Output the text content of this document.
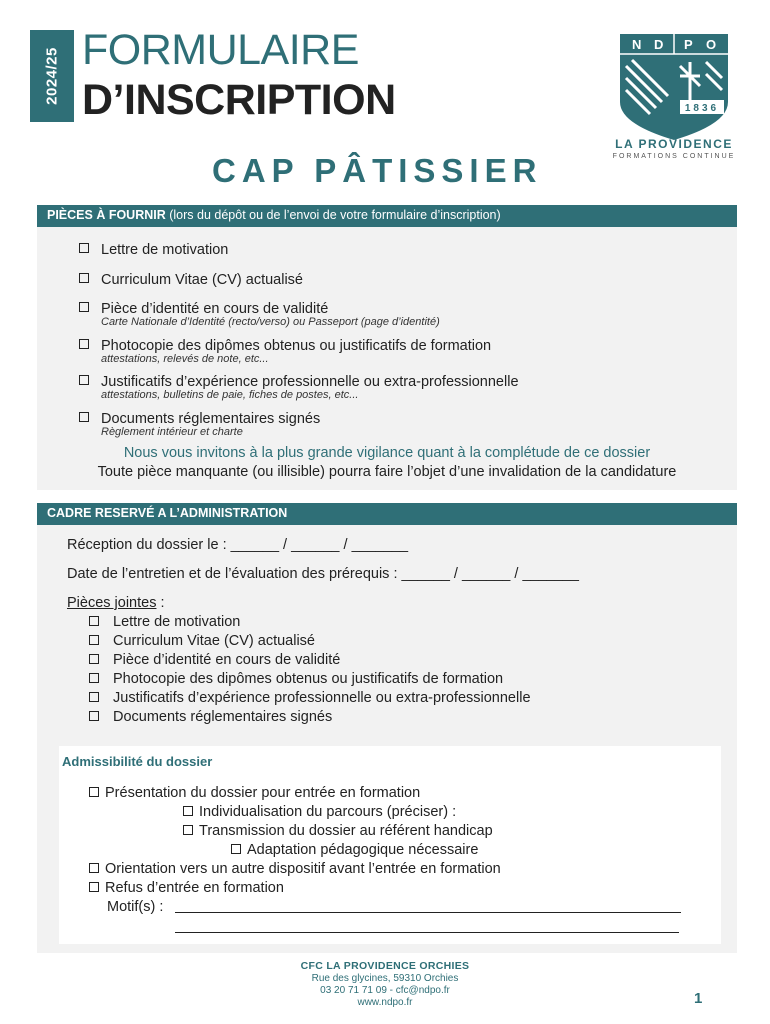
2024/25 FORMULAIRE
D’INSCRIPTION
CAP PÂTISSIER
1836
N D P O
LA PROVIDENCE
FORMATIONS CONTINUE
PIÈCES À FOURNIR (lors du dépôt ou de l’envoi de votre formulaire d’inscription)
Lettre de motivation
Curriculum Vitae (CV) actualisé
Pièce d’identité en cours de validité
Carte Nationale d’Identité (recto/verso) ou Passeport (page d’identité)
Photocopie des dipômes obtenus ou justificatifs de formation
attestations, relevés de note, etc...
Justificatifs d’expérience professionnelle ou extra-professionnelle
attestations, bulletins de paie, fiches de postes, etc...
Documents réglementaires signés
Règlement intérieur et charte
Nous vous invitons à la plus grande vigilance quant à la complétude de ce dossier
Toute pièce manquante (ou illisible) pourra faire l’objet d’une invalidation de la candidature
CADRE RESERVÉ A L’ADMINISTRATION
Réception du dossier le : ______ / ______ / _______
Date de l’entretien et de l’évaluation des prérequis : ______ / ______ / _______
Pièces jointes :
Lettre de motivation
Curriculum Vitae (CV) actualisé
Pièce d’identité en cours de validité
Photocopie des dipômes obtenus ou justificatifs de formation
Justificatifs d’expérience professionnelle ou extra-professionnelle
Documents réglementaires signés
Admissibilité du dossier
Présentation du dossier pour entrée en formation
Individualisation du parcours (préciser) :
Transmission du dossier au référent handicap
Adaptation pédagogique nécessaire
Orientation vers un autre dispositif avant l’entrée en formation
Refus d’entrée en formation
Motif(s) :
CFC LA PROVIDENCE ORCHIES
Rue des glycines, 59310 Orchies
03 20 71 71 09 - cfc@ndpo.fr
www.ndpo.fr	1
